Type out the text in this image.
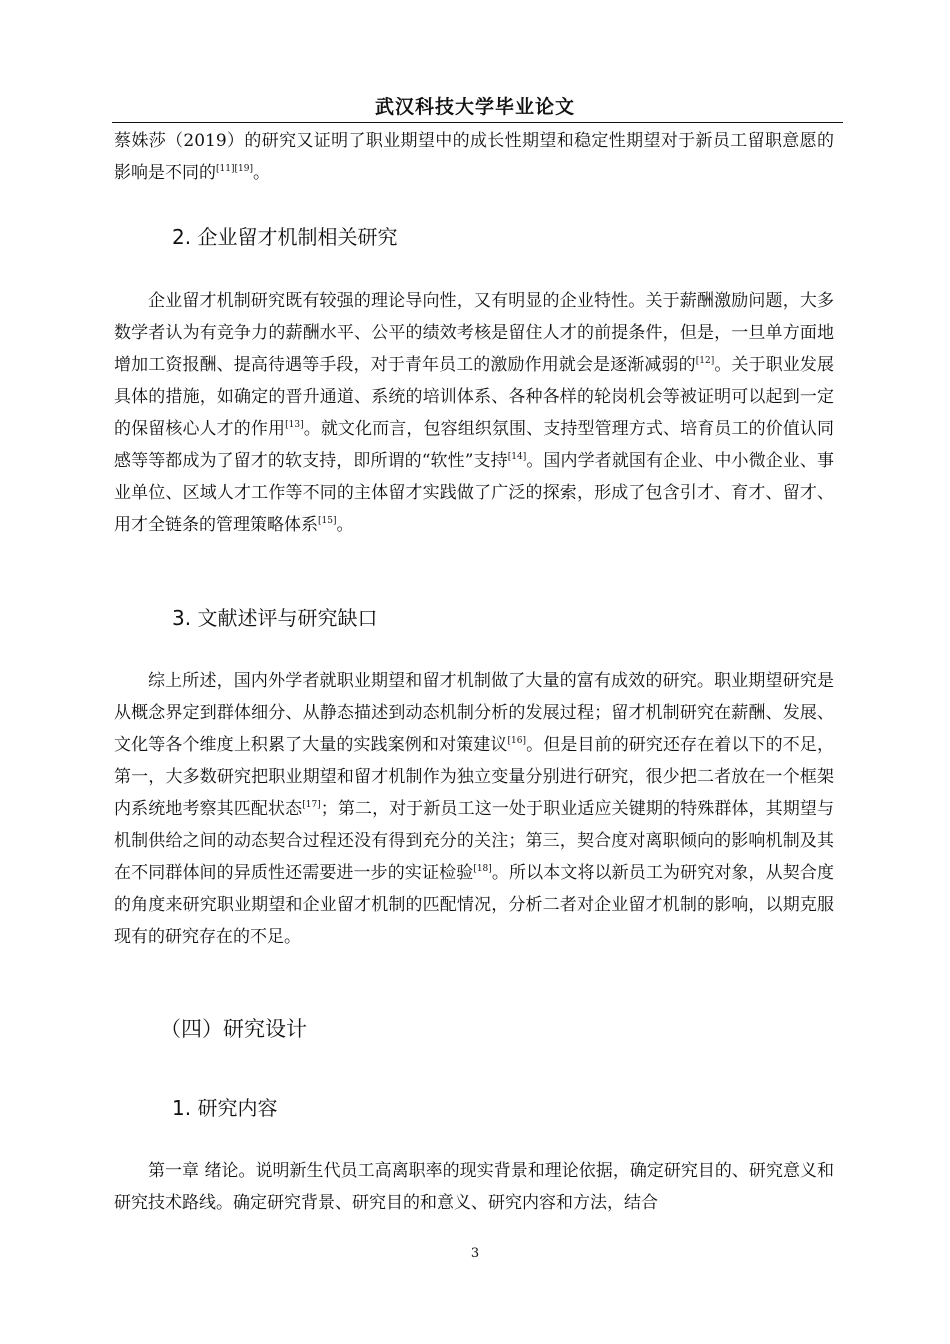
武汉科技大学毕业论文
蔡姝莎（2019）的研究又证明了职业期望中的成长性期望和稳定性期望对于新员工留职意愿的影响是不同的[11][19]。
2. 企业留才机制相关研究
企业留才机制研究既有较强的理论导向性，又有明显的企业特性。关于薪酬激励问题，大多数学者认为有竞争力的薪酬水平、公平的绩效考核是留住人才的前提条件，但是，一旦单方面地增加工资报酬、提高待遇等手段，对于青年员工的激励作用就会是逐渐减弱的[12]。关于职业发展具体的措施，如确定的晋升通道、系统的培训体系、各种各样的轮岗机会等被证明可以起到一定的保留核心人才的作用[13]。就文化而言，包容组织氛围、支持型管理方式、培育员工的价值认同感等等都成为了留才的软支持，即所谓的“软性”支持[14]。国内学者就国有企业、中小微企业、事业单位、区域人才工作等不同的主体留才实践做了广泛的探索，形成了包含引才、育才、留才、用才全链条的管理策略体系[15]。
3. 文献述评与研究缺口
综上所述，国内外学者就职业期望和留才机制做了大量的富有成效的研究。职业期望研究是从概念界定到群体细分、从静态描述到动态机制分析的发展过程；留才机制研究在薪酬、发展、文化等各个维度上积累了大量的实践案例和对策建议[16]。但是目前的研究还存在着以下的不足，第一，大多数研究把职业期望和留才机制作为独立变量分别进行研究，很少把二者放在一个框架内系统地考察其匹配状态[17]；第二，对于新员工这一处于职业适应关键期的特殊群体，其期望与机制供给之间的动态契合过程还没有得到充分的关注；第三，契合度对离职倾向的影响机制及其在不同群体间的异质性还需要进一步的实证检验[18]。所以本文将以新员工为研究对象，从契合度的角度来研究职业期望和企业留才机制的匹配情况，分析二者对企业留才机制的影响，以期克服现有的研究存在的不足。
（四）研究设计
1. 研究内容
第一章 绪论。说明新生代员工高离职率的现实背景和理论依据，确定研究目的、研究意义和研究技术路线。确定研究背景、研究目的和意义、研究内容和方法，结合
3
